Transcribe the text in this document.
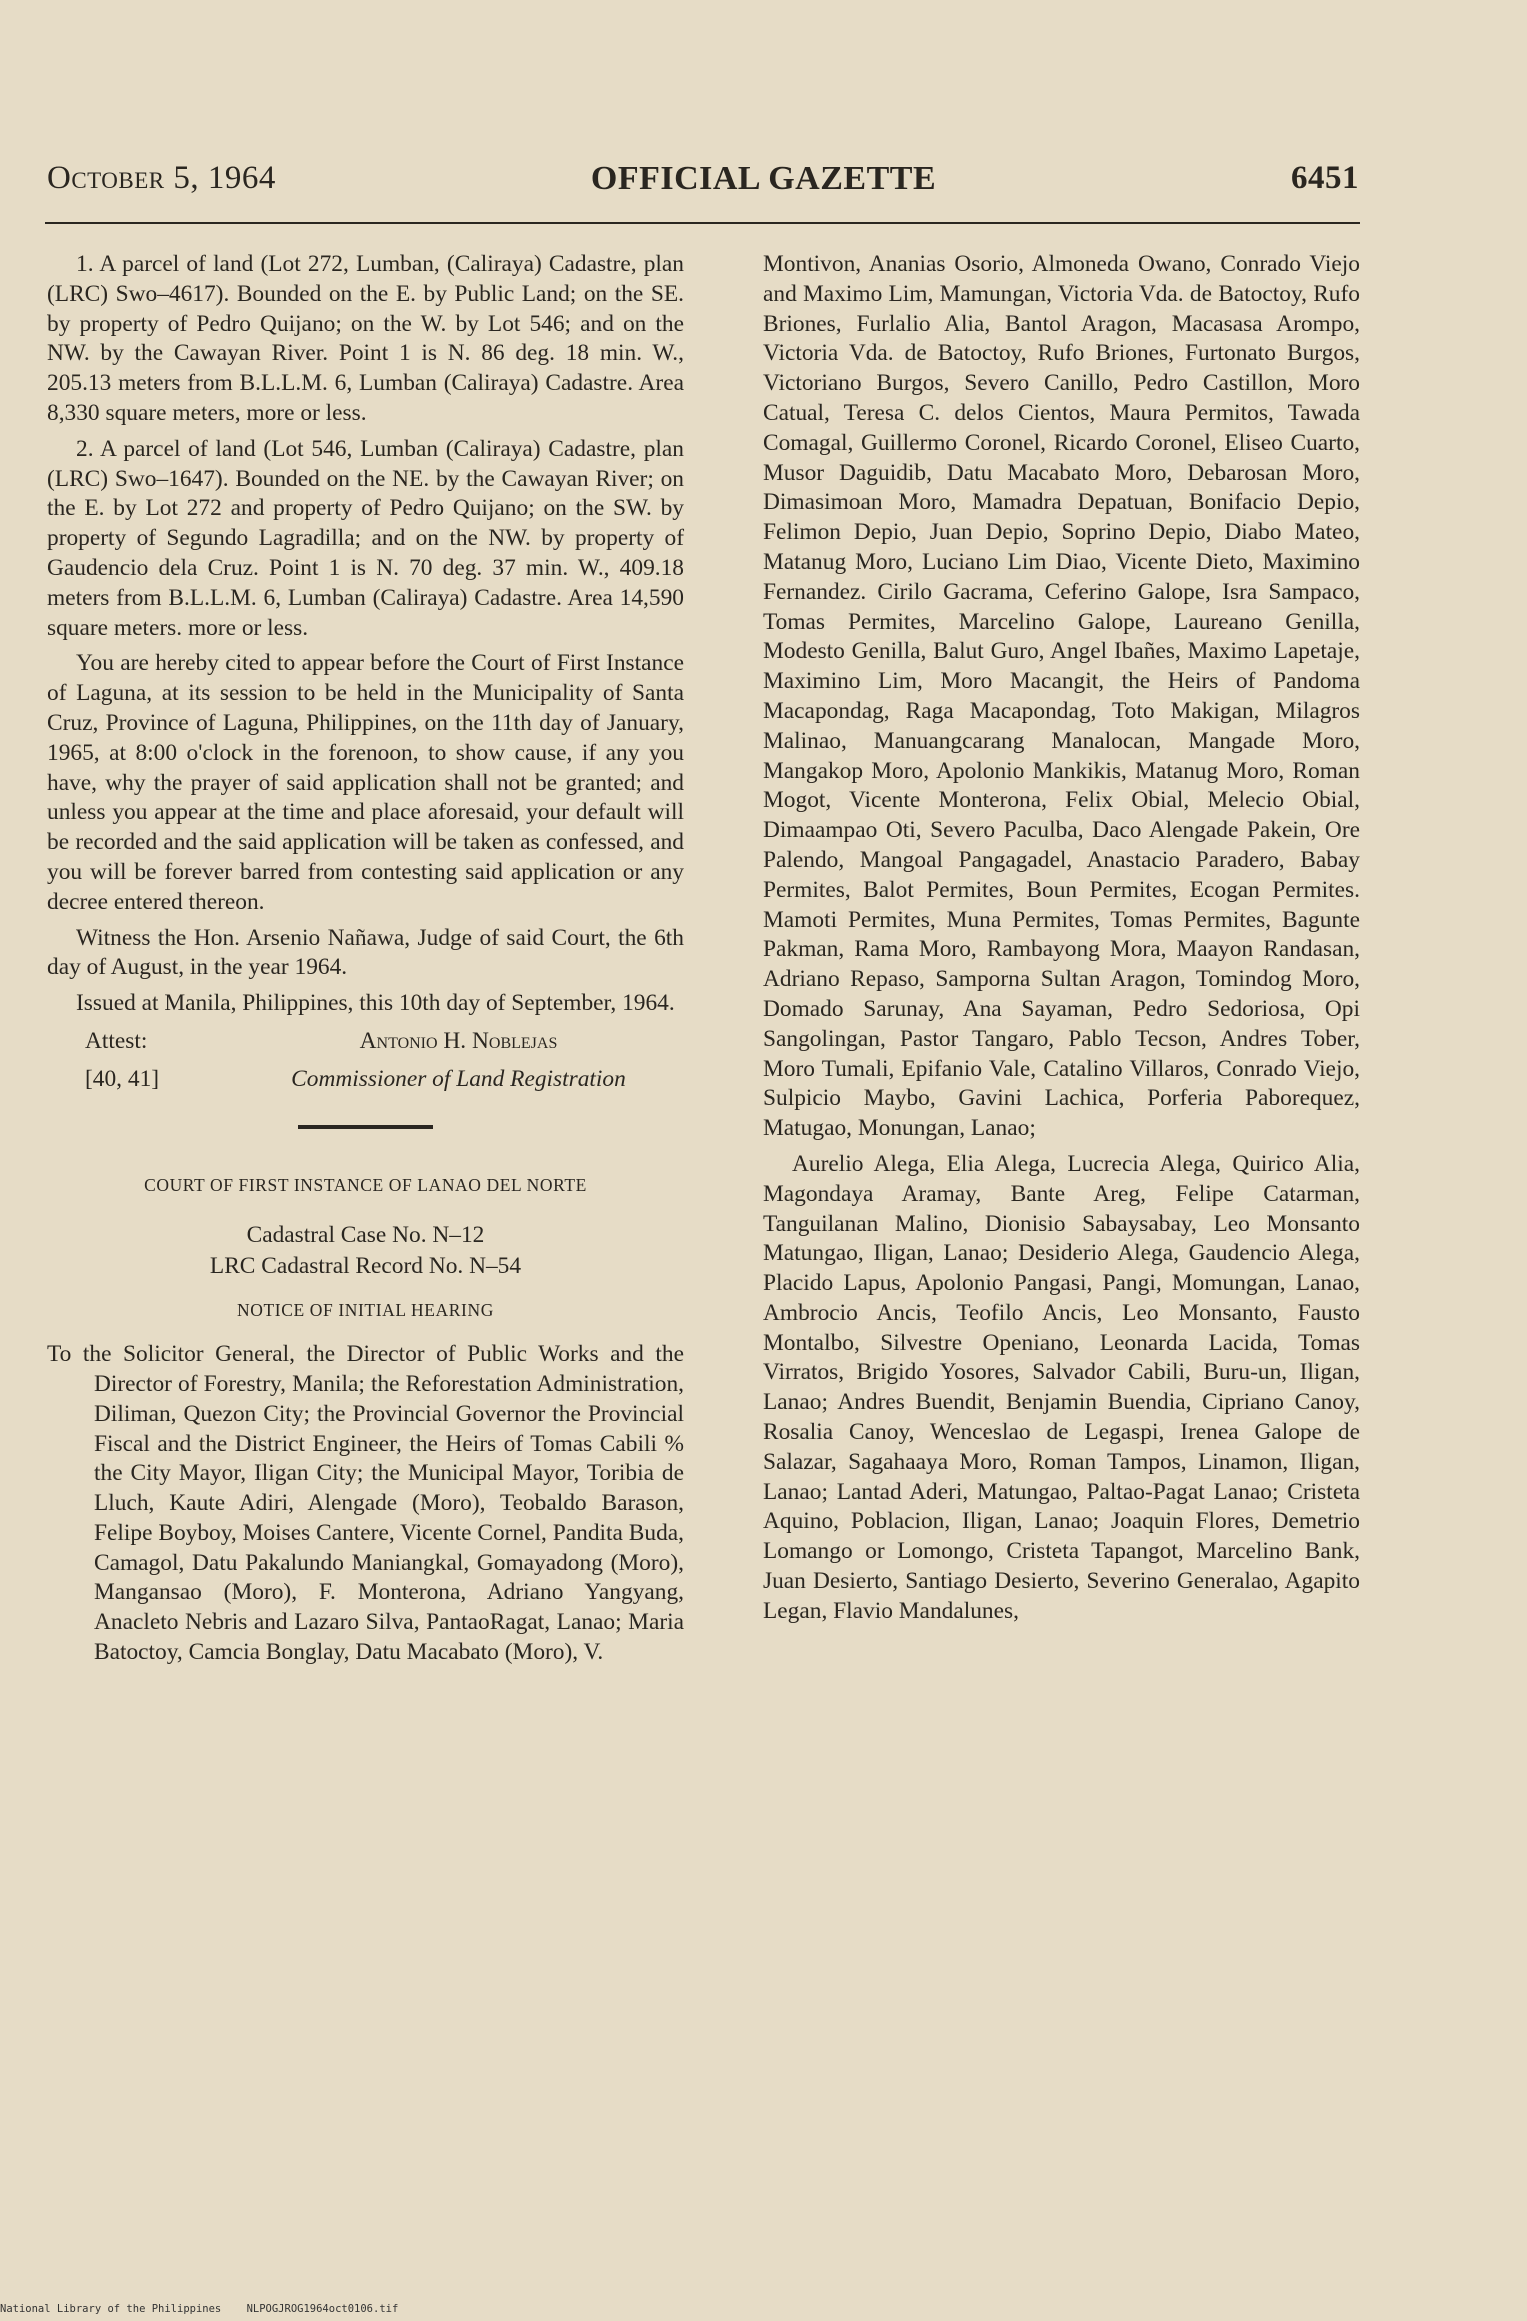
October 5, 1964	OFFICIAL GAZETTE	6451

1. A parcel of land (Lot 272, Lumban, (Caliraya) Cadastre, plan (LRC) Swo–4617). Bounded on the E. by Public Land; on the SE. by property of Pedro Quijano; on the W. by Lot 546; and on the NW. by the Cawayan River. Point 1 is N. 86 deg. 18 min. W., 205.13 meters from B.L.L.M. 6, Lumban (Caliraya) Cadastre. Area 8,330 square meters, more or less.

2. A parcel of land (Lot 546, Lumban (Caliraya) Cadastre, plan (LRC) Swo–1647). Bounded on the NE. by the Cawayan River; on the E. by Lot 272 and property of Pedro Quijano; on the SW. by property of Segundo Lagradilla; and on the NW. by property of Gaudencio dela Cruz. Point 1 is N. 70 deg. 37 min. W., 409.18 meters from B.L.L.M. 6, Lumban (Caliraya) Cadastre. Area 14,590 square meters. more or less.

You are hereby cited to appear before the Court of First Instance of Laguna, at its session to be held in the Municipality of Santa Cruz, Province of Laguna, Philippines, on the 11th day of January, 1965, at 8:00 o'clock in the forenoon, to show cause, if any you have, why the prayer of said application shall not be granted; and unless you appear at the time and place aforesaid, your default will be recorded and the said application will be taken as confessed, and you will be forever barred from contesting said application or any decree entered thereon.

Witness the Hon. Arsenio Nañawa, Judge of said Court, the 6th day of August, in the year 1964.

Issued at Manila, Philippines, this 10th day of September, 1964.

Attest:	Antonio H. Noblejas
[40, 41]	Commissioner of Land Registration
COURT OF FIRST INSTANCE OF LANAO DEL NORTE
Cadastral Case No. N–12
LRC Cadastral Record No. N–54
NOTICE OF INITIAL HEARING

To the Solicitor General, the Director of Public Works and the Director of Forestry, Manila; the Reforestation Administration, Diliman, Quezon City; the Provincial Governor the Provincial Fiscal and the District Engineer, the Heirs of Tomas Cabili % the City Mayor, Iligan City; the Municipal Mayor, Toribia de Lluch, Kaute Adiri, Alengade (Moro), Teobaldo Barason, Felipe Boyboy, Moises Cantere, Vicente Cornel, Pandita Buda, Camagol, Datu Pakalundo Maniangkal, Gomayadong (Moro), Mangansao (Moro), F. Monterona, Adriano Yangyang, Anacleto Nebris and Lazaro Silva, PantaoRagat, Lanao; Maria Batoctoy, Camcia Bonglay, Datu Macabato (Moro), V.

Montivon, Ananias Osorio, Almoneda Owano, Conrado Viejo and Maximo Lim, Mamungan, Victoria Vda. de Batoctoy, Rufo Briones, Furlalio Alia, Bantol Aragon, Macasasa Arompo, Victoria Vda. de Batoctoy, Rufo Briones, Furtonato Burgos, Victoriano Burgos, Severo Canillo, Pedro Castillon, Moro Catual, Teresa C. delos Cientos, Maura Permitos, Tawada Comagal, Guillermo Coronel, Ricardo Coronel, Eliseo Cuarto, Musor Daguidib, Datu Macabato Moro, Debarosan Moro, Dimasimoan Moro, Mamadra Depatuan, Bonifacio Depio, Felimon Depio, Juan Depio, Soprino Depio, Diabo Mateo, Matanug Moro, Luciano Lim Diao, Vicente Dieto, Maximino Fernandez. Cirilo Gacrama, Ceferino Galope, Isra Sampaco, Tomas Permites, Marcelino Galope, Laureano Genilla, Modesto Genilla, Balut Guro, Angel Ibañes, Maximo Lapetaje, Maximino Lim, Moro Macangit, the Heirs of Pandoma Macapondag, Raga Macapondag, Toto Makigan, Milagros Malinao, Manuangcarang Manalocan, Mangade Moro, Mangakop Moro, Apolonio Mankikis, Matanug Moro, Roman Mogot, Vicente Monterona, Felix Obial, Melecio Obial, Dimaampao Oti, Severo Paculba, Daco Alengade Pakein, Ore Palendo, Mangoal Pangagadel, Anastacio Paradero, Babay Permites, Balot Permites, Boun Permites, Ecogan Permites. Mamoti Permites, Muna Permites, Tomas Permites, Bagunte Pakman, Rama Moro, Rambayong Mora, Maayon Randasan, Adriano Repaso, Samporna Sultan Aragon, Tomindog Moro, Domado Sarunay, Ana Sayaman, Pedro Sedoriosa, Opi Sangolingan, Pastor Tangaro, Pablo Tecson, Andres Tober, Moro Tumali, Epifanio Vale, Catalino Villaros, Conrado Viejo, Sulpicio Maybo, Gavini Lachica, Porferia Paborequez, Matugao, Monungan, Lanao;

Aurelio Alega, Elia Alega, Lucrecia Alega, Quirico Alia, Magondaya Aramay, Bante Areg, Felipe Catarman, Tanguilanan Malino, Dionisio Sabaysabay, Leo Monsanto Matungao, Iligan, Lanao; Desiderio Alega, Gaudencio Alega, Placido Lapus, Apolonio Pangasi, Pangi, Momungan, Lanao, Ambrocio Ancis, Teofilo Ancis, Leo Monsanto, Fausto Montalbo, Silvestre Openiano, Leonarda Lacida, Tomas Virratos, Brigido Yosores, Salvador Cabili, Buru-un, Iligan, Lanao; Andres Buendit, Benjamin Buendia, Cipriano Canoy, Rosalia Canoy, Wenceslao de Legaspi, Irenea Galope de Salazar, Sagahaaya Moro, Roman Tampos, Linamon, Iligan, Lanao; Lantad Aderi, Matungao, Paltao-Pagat Lanao; Cristeta Aquino, Poblacion, Iligan, Lanao; Joaquin Flores, Demetrio Lomango or Lomongo, Cristeta Tapangot, Marcelino Bank, Juan Desierto, Santiago Desierto, Severino Generalao, Agapito Legan, Flavio Mandalunes,

National Library of the Philippines NLPOGJROG1964oct0106.tif
